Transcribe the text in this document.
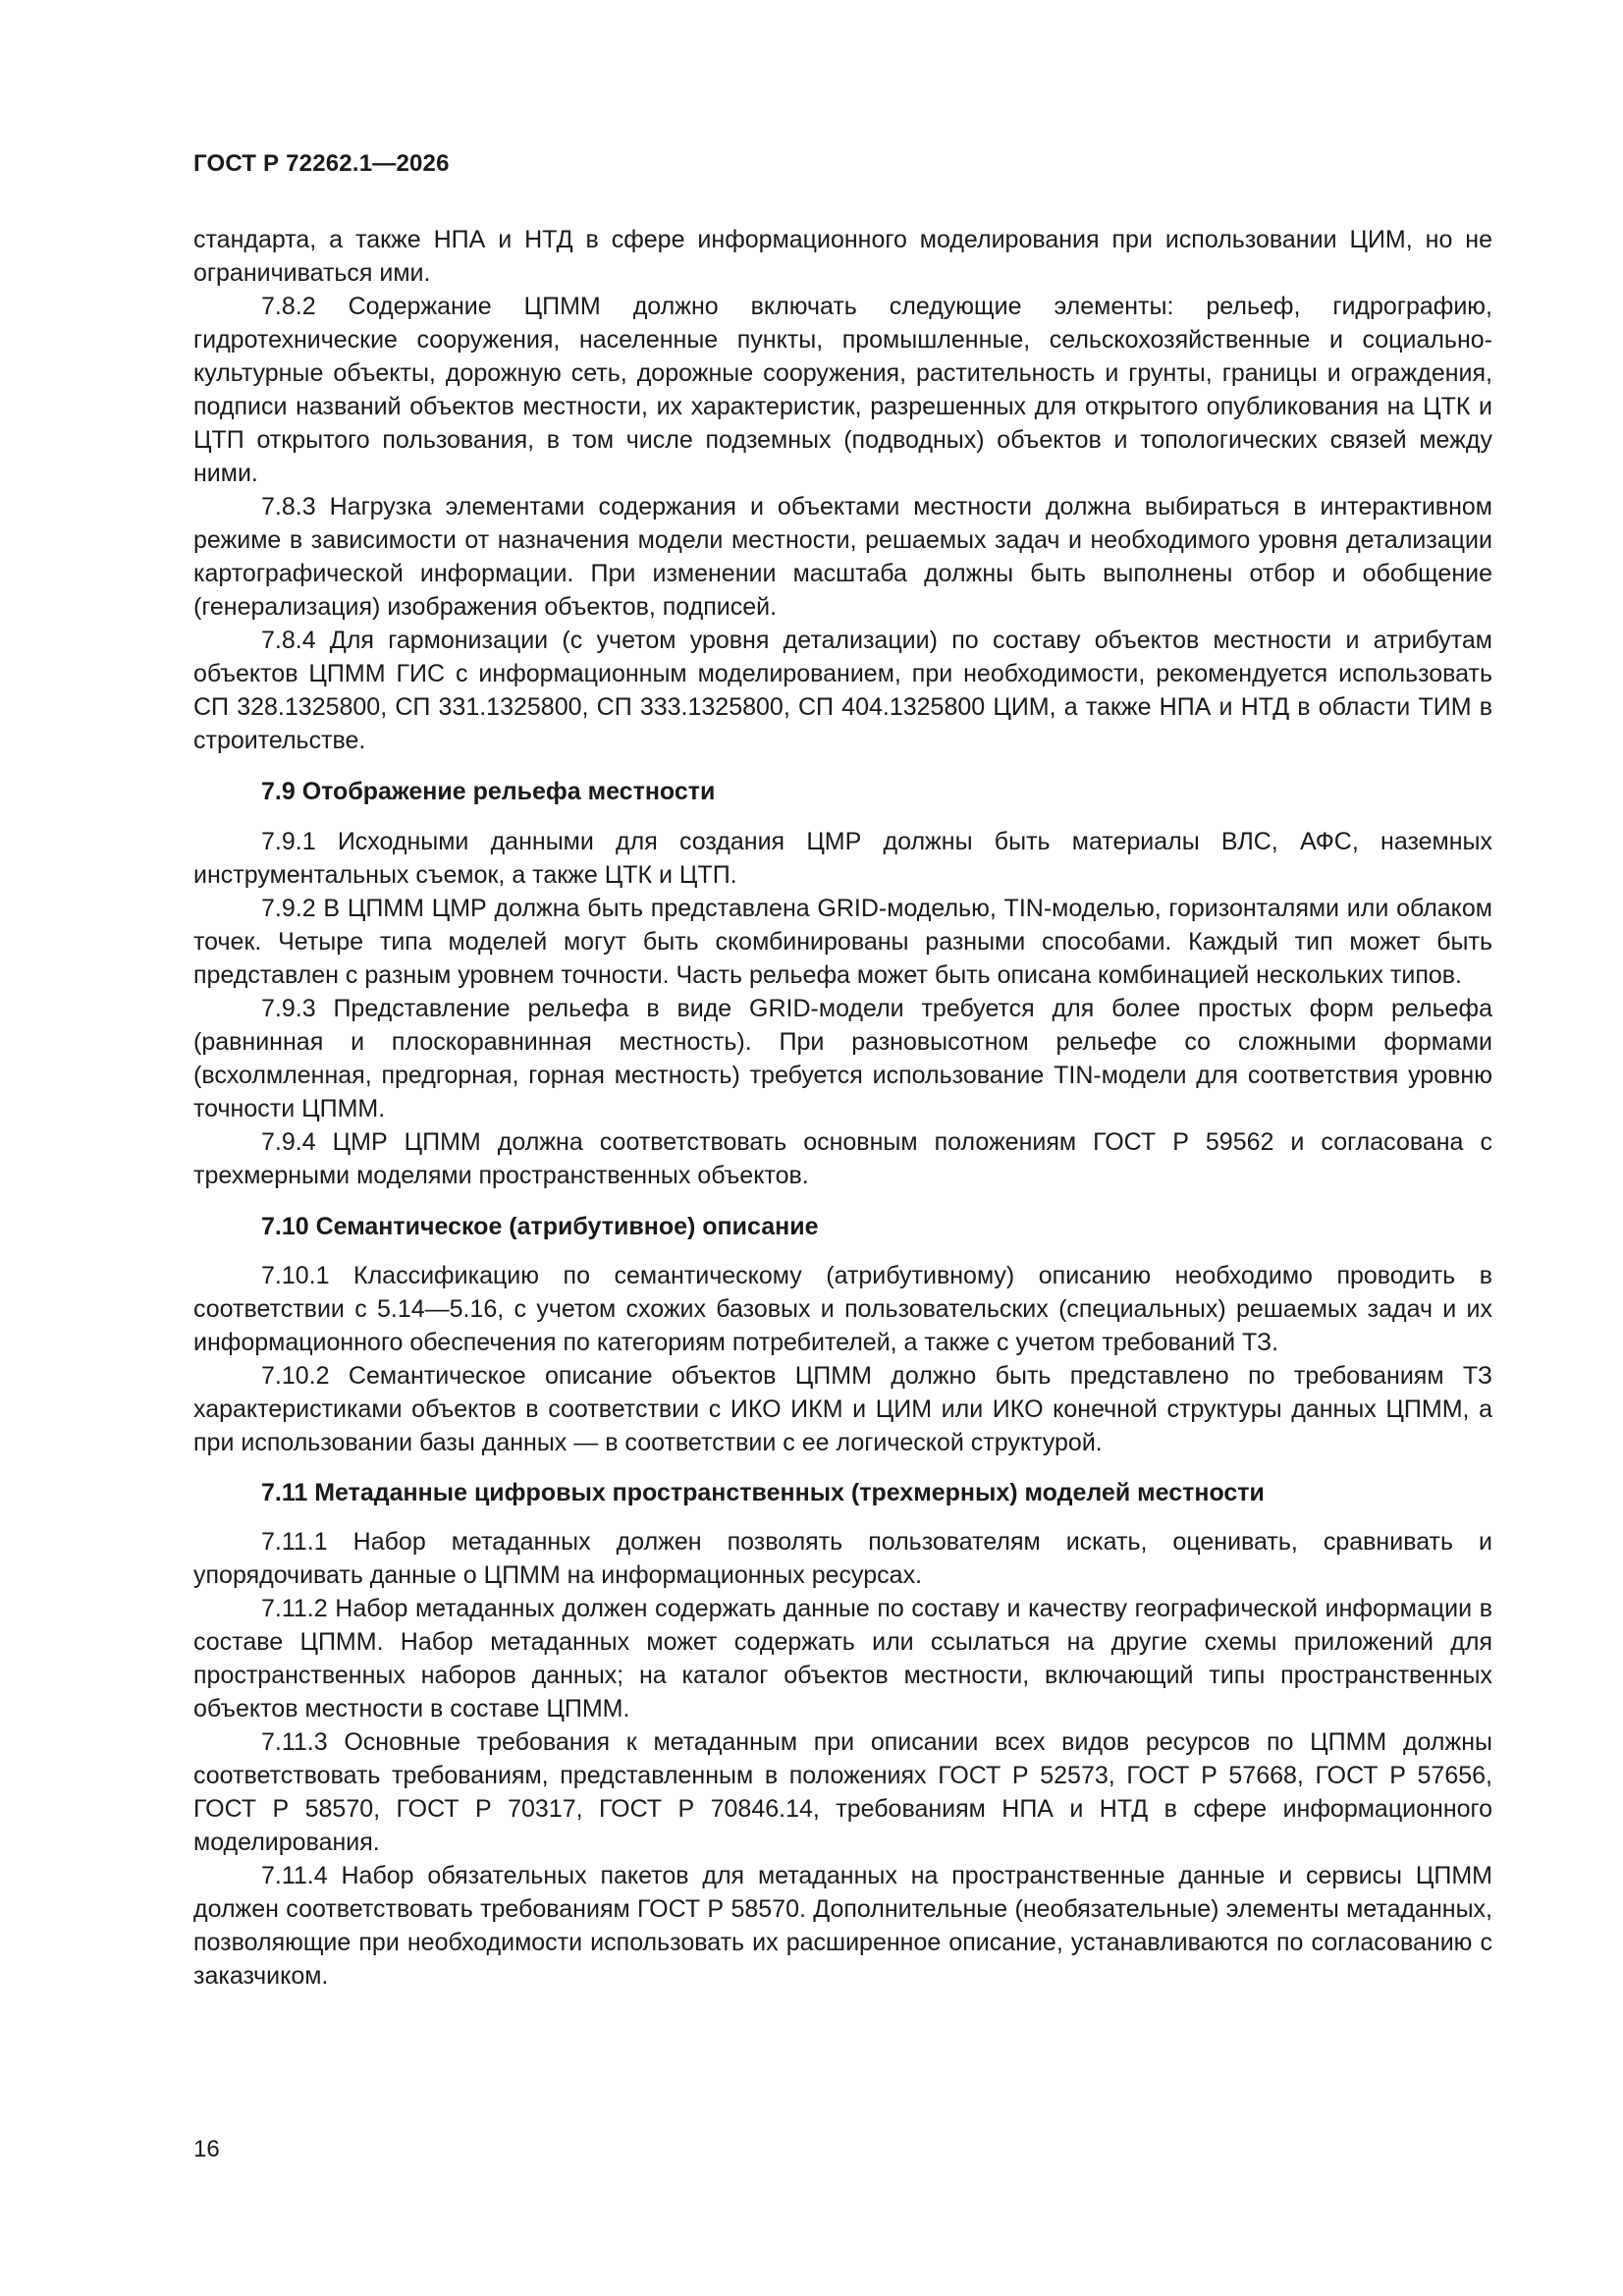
ГОСТ Р 72262.1—2026

стандарта, а также НПА и НТД в сфере информационного моделирования при использовании ЦИМ, но не ограничиваться ими.

7.8.2 Содержание ЦПММ должно включать следующие элементы: рельеф, гидрографию, гидротехнические сооружения, населенные пункты, промышленные, сельскохозяйственные и социально-культурные объекты, дорожную сеть, дорожные сооружения, растительность и грунты, границы и ограждения, подписи названий объектов местности, их характеристик, разрешенных для открытого опубликования на ЦТК и ЦТП открытого пользования, в том числе подземных (подводных) объектов и топологических связей между ними.

7.8.3 Нагрузка элементами содержания и объектами местности должна выбираться в интерактивном режиме в зависимости от назначения модели местности, решаемых задач и необходимого уровня детализации картографической информации. При изменении масштаба должны быть выполнены отбор и обобщение (генерализация) изображения объектов, подписей.

7.8.4 Для гармонизации (с учетом уровня детализации) по составу объектов местности и атрибутам объектов ЦПММ ГИС с информационным моделированием, при необходимости, рекомендуется использовать СП 328.1325800, СП 331.1325800, СП 333.1325800, СП 404.1325800 ЦИМ, а также НПА и НТД в области ТИМ в строительстве.

7.9 Отображение рельефа местности

7.9.1 Исходными данными для создания ЦМР должны быть материалы ВЛС, АФС, наземных инструментальных съемок, а также ЦТК и ЦТП.

7.9.2 В ЦПММ ЦМР должна быть представлена GRID-моделью, TIN-моделью, горизонталями или облаком точек. Четыре типа моделей могут быть скомбинированы разными способами. Каждый тип может быть представлен с разным уровнем точности. Часть рельефа может быть описана комбинацией нескольких типов.

7.9.3 Представление рельефа в виде GRID-модели требуется для более простых форм рельефа (равнинная и плоскоравнинная местность). При разновысотном рельефе со сложными формами (всхолмленная, предгорная, горная местность) требуется использование TIN-модели для соответствия уровню точности ЦПММ.

7.9.4 ЦМР ЦПММ должна соответствовать основным положениям ГОСТ Р 59562 и согласована с трехмерными моделями пространственных объектов.

7.10 Семантическое (атрибутивное) описание

7.10.1 Классификацию по семантическому (атрибутивному) описанию необходимо проводить в соответствии с 5.14—5.16, с учетом схожих базовых и пользовательских (специальных) решаемых задач и их информационного обеспечения по категориям потребителей, а также с учетом требований ТЗ.

7.10.2 Семантическое описание объектов ЦПММ должно быть представлено по требованиям ТЗ характеристиками объектов в соответствии с ИКО ИКМ и ЦИМ или ИКО конечной структуры данных ЦПММ, а при использовании базы данных — в соответствии с ее логической структурой.

7.11 Метаданные цифровых пространственных (трехмерных) моделей местности

7.11.1 Набор метаданных должен позволять пользователям искать, оценивать, сравнивать и упорядочивать данные о ЦПММ на информационных ресурсах.

7.11.2 Набор метаданных должен содержать данные по составу и качеству географической информации в составе ЦПММ. Набор метаданных может содержать или ссылаться на другие схемы приложений для пространственных наборов данных; на каталог объектов местности, включающий типы пространственных объектов местности в составе ЦПММ.

7.11.3 Основные требования к метаданным при описании всех видов ресурсов по ЦПММ должны соответствовать требованиям, представленным в положениях ГОСТ Р 52573, ГОСТ Р 57668, ГОСТ Р 57656, ГОСТ Р 58570, ГОСТ Р 70317, ГОСТ Р 70846.14, требованиям НПА и НТД в сфере информационного моделирования.

7.11.4 Набор обязательных пакетов для метаданных на пространственные данные и сервисы ЦПММ должен соответствовать требованиям ГОСТ Р 58570. Дополнительные (необязательные) элементы метаданных, позволяющие при необходимости использовать их расширенное описание, устанавливаются по согласованию с заказчиком.

16
